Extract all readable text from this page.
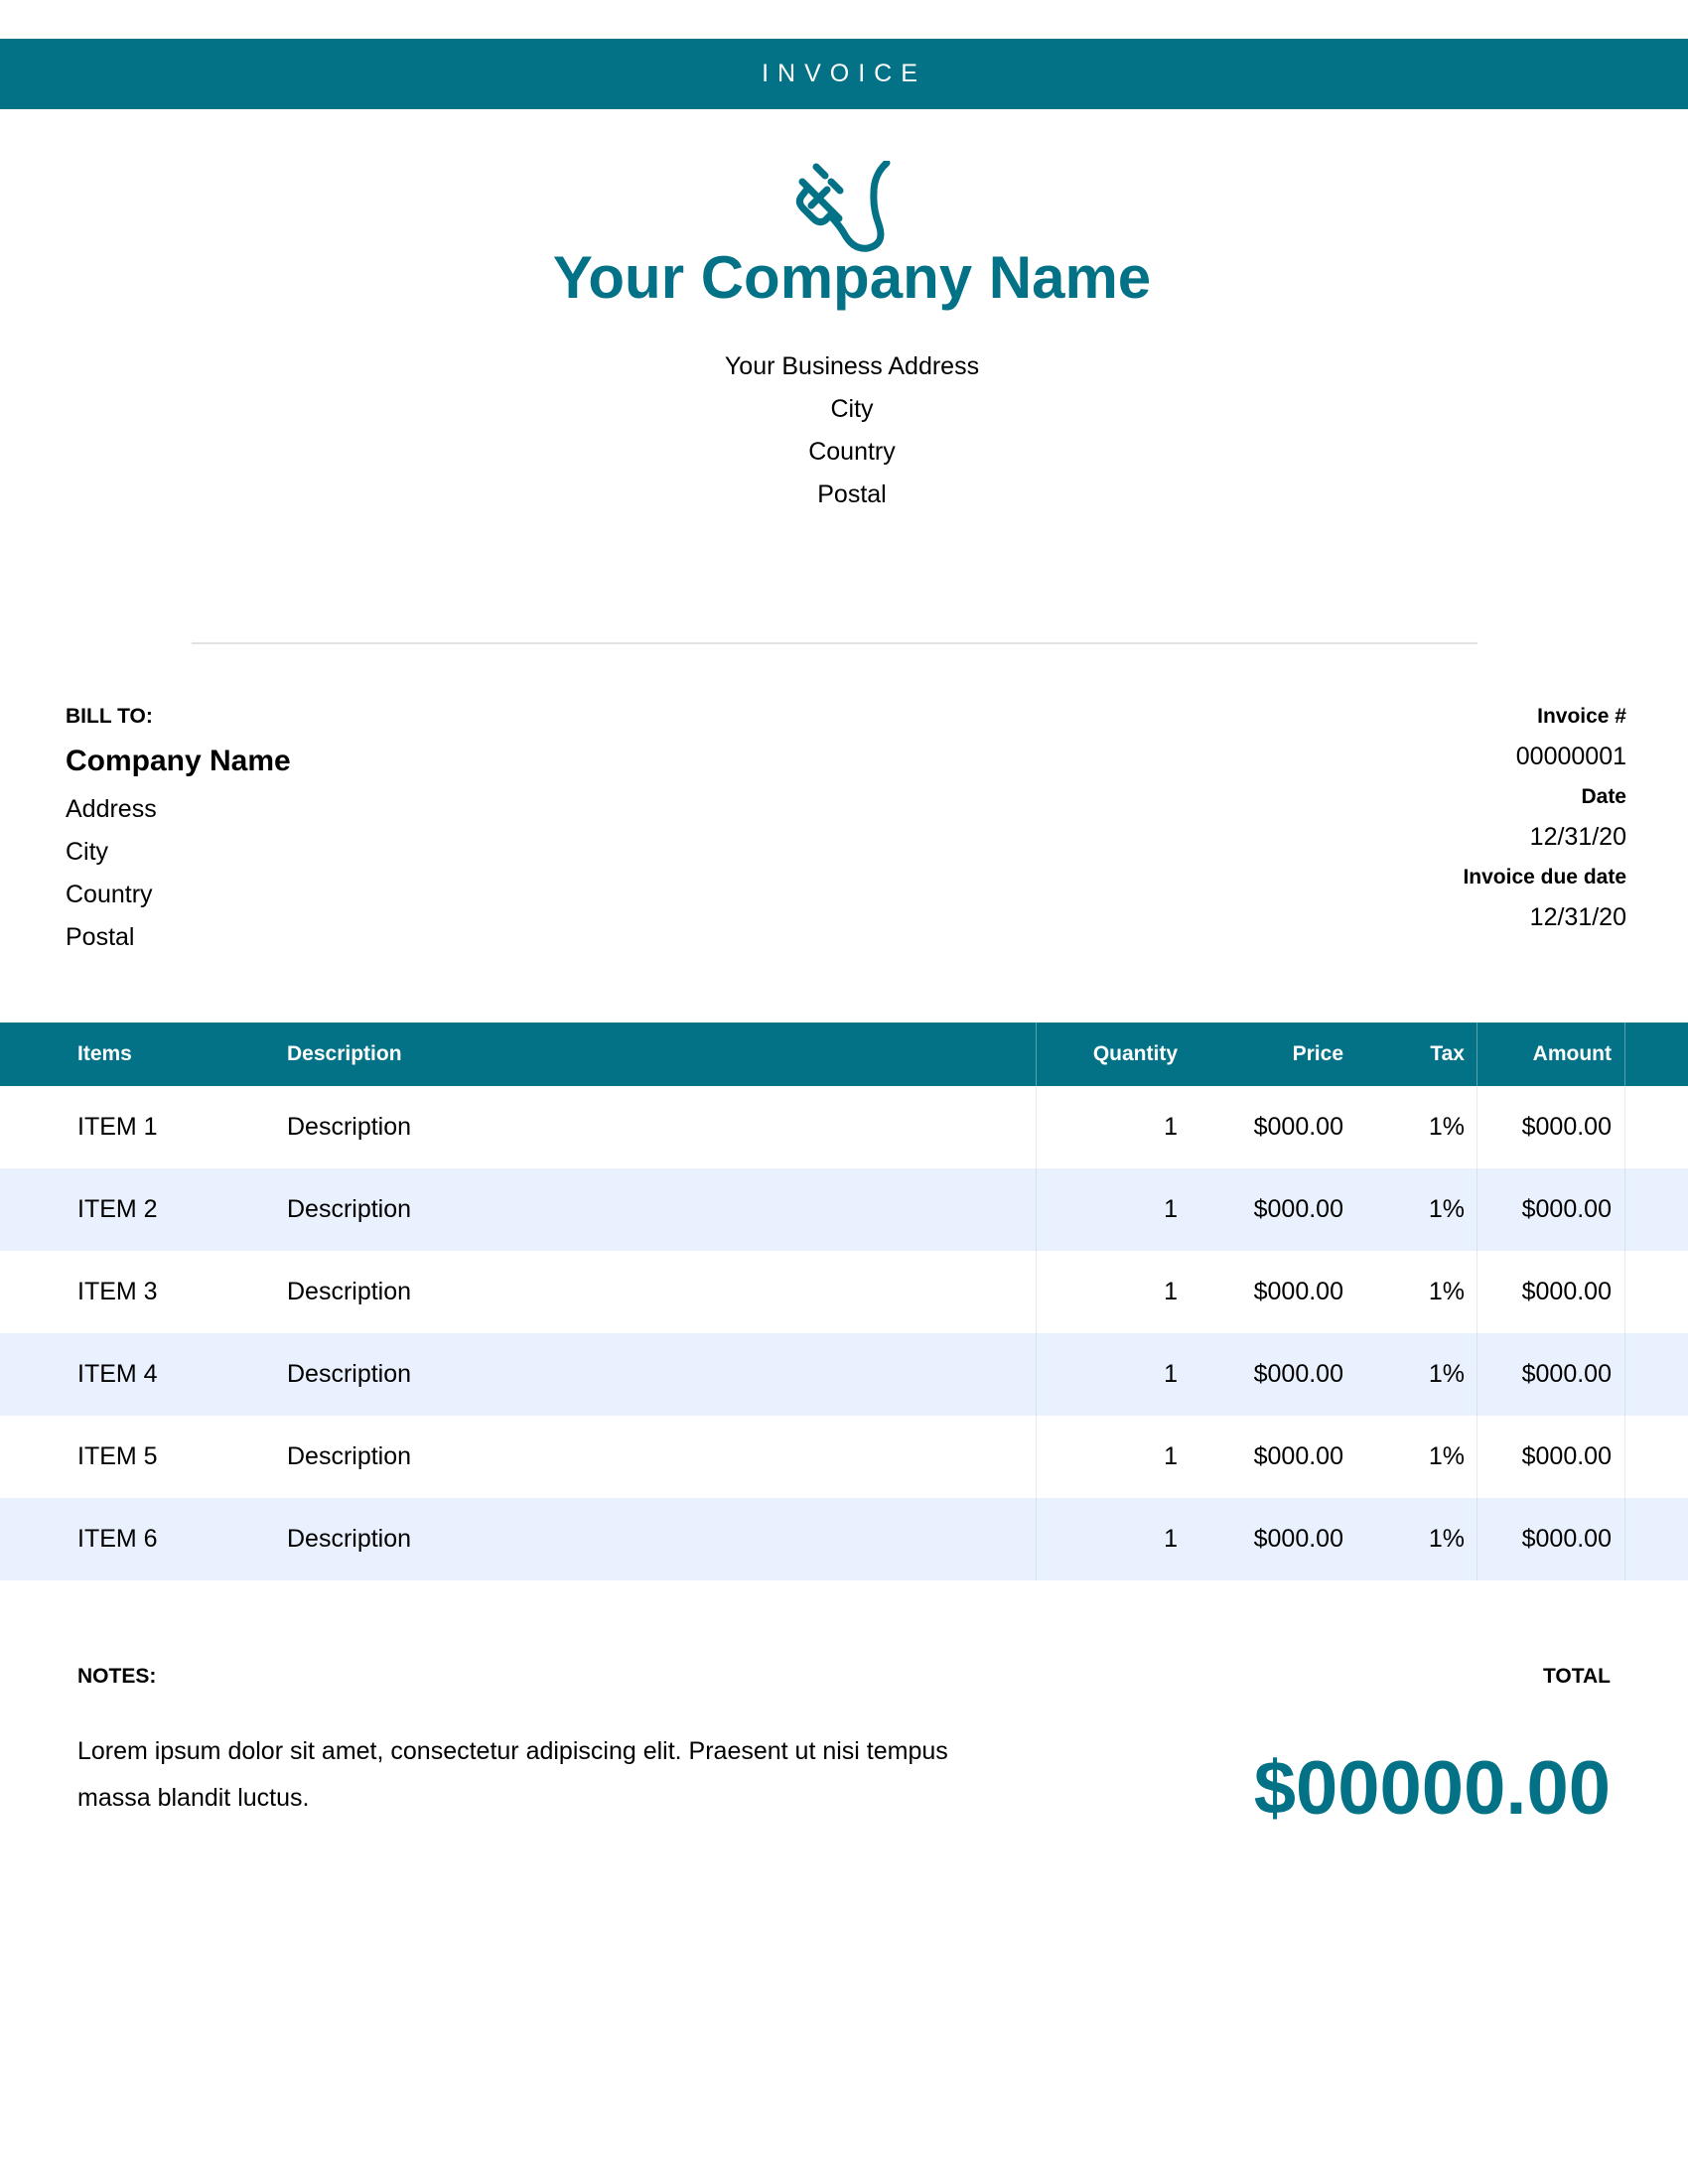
INVOICE
Your Company Name
Your Business Address
City
Country
Postal
BILL TO:
Company Name
Address
City
Country
Postal
Invoice #
00000001
Date
12/31/20
Invoice due date
12/31/20
Items	Description	Quantity	Price	Tax	Amount
ITEM 1	Description	1	$000.00	1% $000.00
ITEM 2	Description	1	$000.00	1% $000.00
ITEM 3	Description	1	$000.00	1% $000.00
ITEM 4	Description	1	$000.00	1% $000.00
ITEM 5	Description	1	$000.00	1% $000.00
ITEM 6	Description	1	$000.00	1% $000.00
NOTES:
Lorem ipsum dolor sit amet, consectetur adipiscing elit. Praesent ut nisi tempus massa blandit luctus.
TOTAL
$00000.00
